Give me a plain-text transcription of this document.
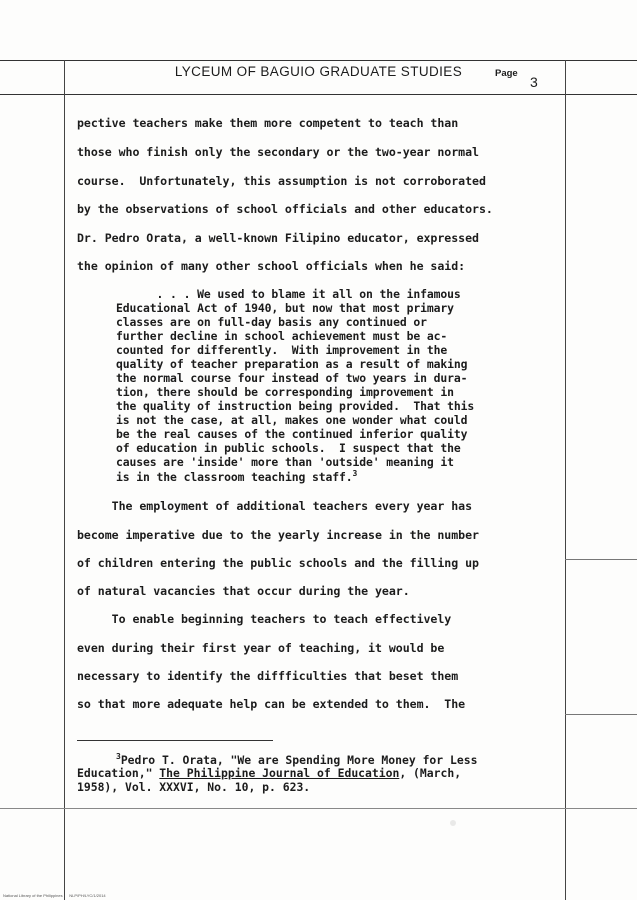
LYCEUM OF BAGUIO GRADUATE STUDIES	Page
3
pective teachers make them more competent to teach than
those who finish only the secondary or the two-year normal
course.  Unfortunately, this assumption is not corroborated
by the observations of school officials and other educators.
Dr. Pedro Orata, a well-known Filipino educator, expressed
the opinion of many other school officials when he said:
. . . We used to blame it all on the infamous
Educational Act of 1940, but now that most primary
classes are on full-day basis any continued or
further decline in school achievement must be ac-
counted for differently.  With improvement in the
quality of teacher preparation as a result of making
the normal course four instead of two years in dura-
tion, there should be corresponding improvement in
the quality of instruction being provided.  That this
is not the case, at all, makes one wonder what could
be the real causes of the continued inferior quality
of education in public schools.  I suspect that the
causes are 'inside' more than 'outside' meaning it
is in the classroom teaching staff.$^3$
The employment of additional teachers every year has
become imperative due to the yearly increase in the number
of children entering the public schools and the filling up
of natural vacancies that occur during the year.
To enable beginning teachers to teach effectively
even during their first year of teaching, it would be
necessary to identify the diffficulties that beset them
so that more adequate help can be extended to them.  The
$^3$Pedro T. Orata, "We are Spending More Money for Less
Education," The Philippine Journal of Education, (March,
1958), Vol. XXXVI, No. 10, p. 623.
National Library of the Philippines      NLP/PH/LYC/1/2014
